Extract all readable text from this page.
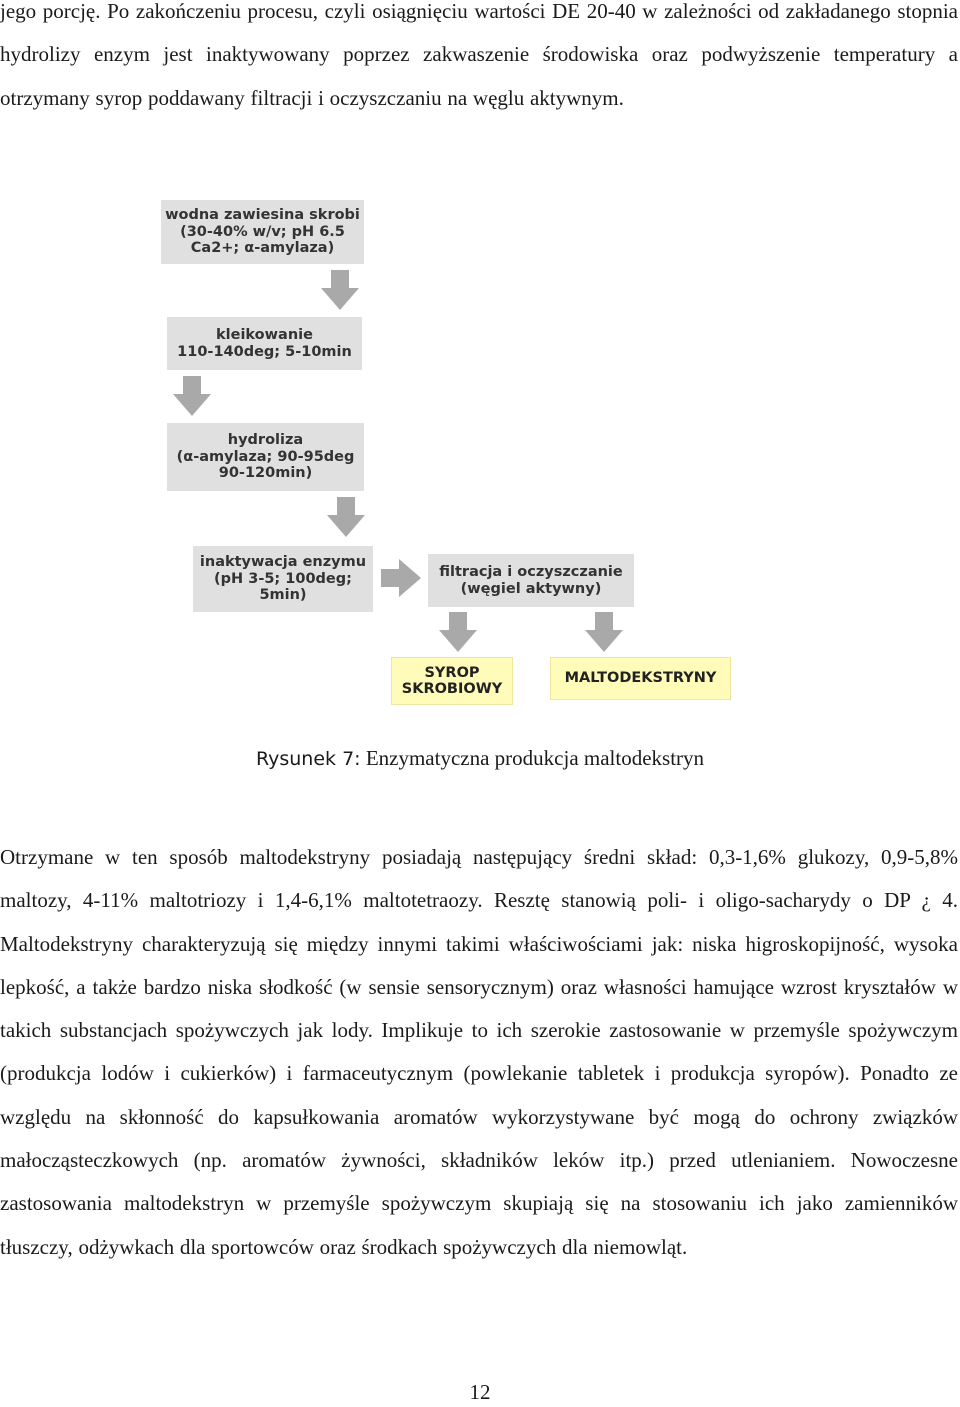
jego porcję. Po zakończeniu procesu, czyli osiągnięciu wartości DE 20-40 w zależności od zakładanego stopnia hydrolizy enzym jest inaktywowany poprzez zakwaszenie środowiska oraz podwyższenie temperatury a otrzymany syrop poddawany filtracji i oczyszczaniu na węglu aktywnym.

wodna zawiesina skrobi
(30-40% w/v; pH 6.5
Ca2+; α-amylaza)
kleikowanie
110-140deg; 5-10min
hydroliza
(α-amylaza; 90-95deg
90-120min)
inaktywacja enzymu
(pH 3-5; 100deg;
5min)
filtracja i oczyszczanie
(węgiel aktywny)
SYROP
SKROBIOWY
MALTODEKSTRYNY
Rysunek 7: Enzymatyczna produkcja maltodekstryn

Otrzymane w ten sposób maltodekstryny posiadają następujący średni skład: 0,3-1,6% glukozy, 0,9-5,8% maltozy, 4-11% maltotriozy i 1,4-6,1% maltotetraozy. Resztę stanowią poli- i oligo-sacharydy o DP ¿ 4. Maltodekstryny charakteryzują się między innymi takimi właściwościami jak: niska higroskopijność, wysoka lepkość, a także bardzo niska słodkość (w sensie sensorycznym) oraz własności hamujące wzrost kryształów w takich substancjach spożywczych jak lody. Implikuje to ich szerokie zastosowanie w przemyśle spożywczym (produkcja lodów i cukierków) i farmaceutycznym (powlekanie tabletek i produkcja syropów). Ponadto ze względu na skłonność do kapsułkowania aromatów wykorzystywane być mogą do ochrony związków małocząsteczkowych (np. aromatów żywności, składników leków itp.) przed utlenianiem. Nowoczesne zastosowania maltodekstryn w przemyśle spożywczym skupiają się na stosowaniu ich jako zamienników tłuszczy, odżywkach dla sportowców oraz środkach spożywczych dla niemowląt.

12
